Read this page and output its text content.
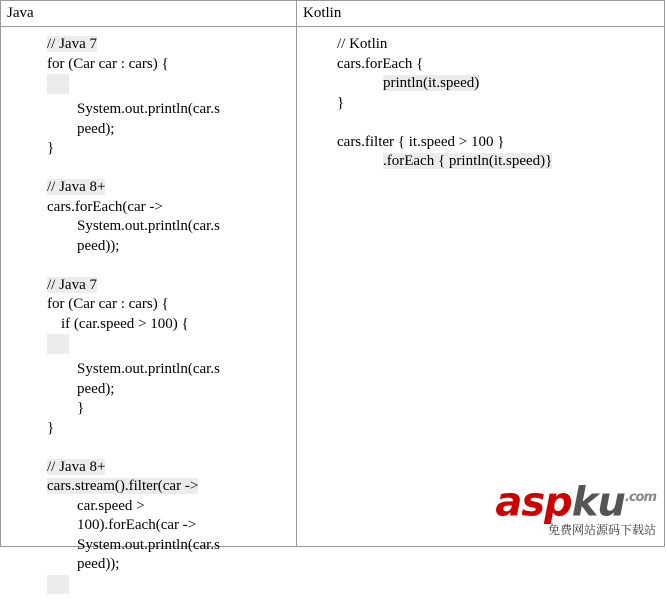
Java	Kotlin
// Java 7
for (Car car : cars) {
System.out.println(car.s
peed);
}

// Java 8+
cars.forEach(car ->
System.out.println(car.s
peed));

// Java 7
for (Car car : cars) {
if (car.speed > 100) {
System.out.println(car.s
peed);
}
}

// Java 8+
cars.stream().filter(car ->
car.speed >
100).forEach(car ->
System.out.println(car.s
peed));
// Kotlin
cars.forEach {
println(it.speed)
}

cars.filter { it.speed > 100 }
.forEach { println(it.speed)}
aspku$^{.com}$
免费网站源码下载站
